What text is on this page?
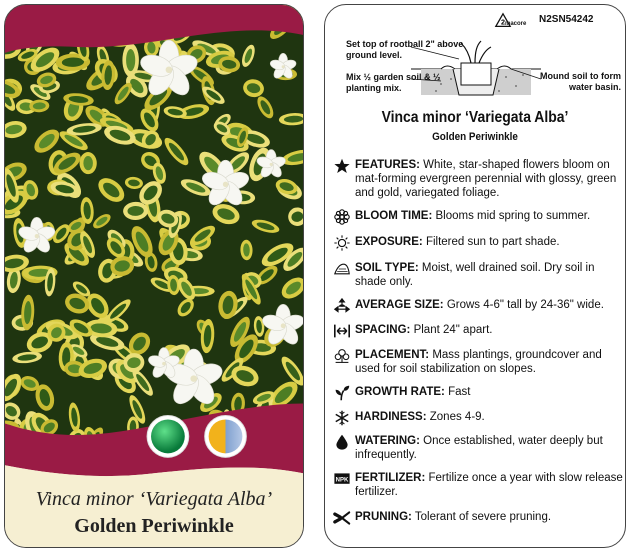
Vinca minor ‘Variegata Alba’
Golden Periwinkle
2 macore N2SN54242
Set top of rootball 2" above ground level.
Mix ½ garden soil & ½ planting mix.
Mound soil to form water basin.
Vinca minor ‘Variegata Alba’
Golden Periwinkle
FEATURES: White, star-shaped flowers bloom on mat-forming evergreen perennial with glossy, green and gold, variegated foliage.
BLOOM TIME: Blooms mid spring to summer.
EXPOSURE: Filtered sun to part shade.
SOIL TYPE: Moist, well drained soil. Dry soil in shade only.
AVERAGE SIZE: Grows 4-6" tall by 24-36" wide.
SPACING: Plant 24" apart.
PLACEMENT: Mass plantings, groundcover and used for soil stabilization on slopes.
GROWTH RATE: Fast
HARDINESS: Zones 4-9.
WATERING: Once established, water deeply but infrequently.
NPK FERTILIZER: Fertilize once a year with slow release fertilizer.
PRUNING: Tolerant of severe pruning.
